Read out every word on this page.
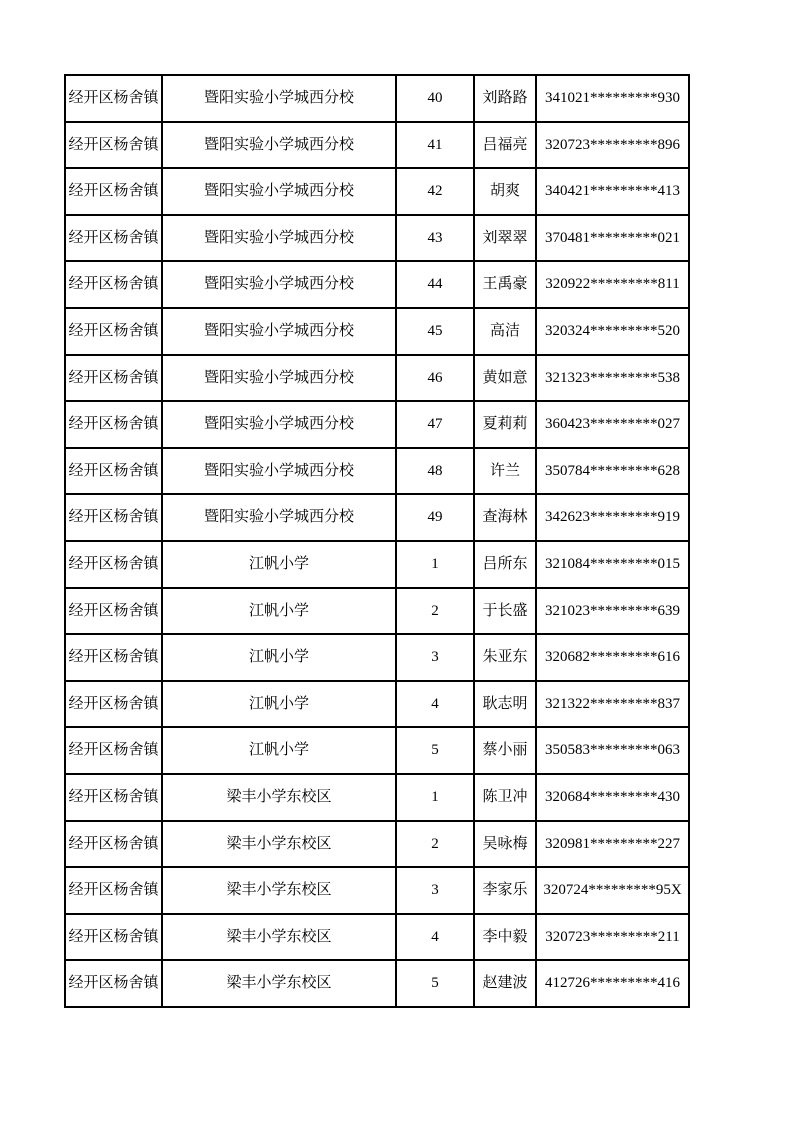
经开区杨舍镇	暨阳实验小学城西分校	40	刘路路	341021*********930
经开区杨舍镇	暨阳实验小学城西分校	41	吕福亮	320723*********896
经开区杨舍镇	暨阳实验小学城西分校	42	胡爽	340421*********413
经开区杨舍镇	暨阳实验小学城西分校	43	刘翠翠	370481*********021
经开区杨舍镇	暨阳实验小学城西分校	44	王禹豪	320922*********811
经开区杨舍镇	暨阳实验小学城西分校	45	高洁	320324*********520
经开区杨舍镇	暨阳实验小学城西分校	46	黄如意	321323*********538
经开区杨舍镇	暨阳实验小学城西分校	47	夏莉莉	360423*********027
经开区杨舍镇	暨阳实验小学城西分校	48	许兰	350784*********628
经开区杨舍镇	暨阳实验小学城西分校	49	查海林	342623*********919
经开区杨舍镇	江帆小学	1	吕所东	321084*********015
经开区杨舍镇	江帆小学	2	于长盛	321023*********639
经开区杨舍镇	江帆小学	3	朱亚东	320682*********616
经开区杨舍镇	江帆小学	4	耿志明	321322*********837
经开区杨舍镇	江帆小学	5	蔡小丽	350583*********063
经开区杨舍镇	梁丰小学东校区	1	陈卫冲	320684*********430
经开区杨舍镇	梁丰小学东校区	2	吴咏梅	320981*********227
经开区杨舍镇	梁丰小学东校区	3	李家乐	320724*********95X
经开区杨舍镇	梁丰小学东校区	4	李中毅	320723*********211
经开区杨舍镇	梁丰小学东校区	5	赵建波	412726*********416
